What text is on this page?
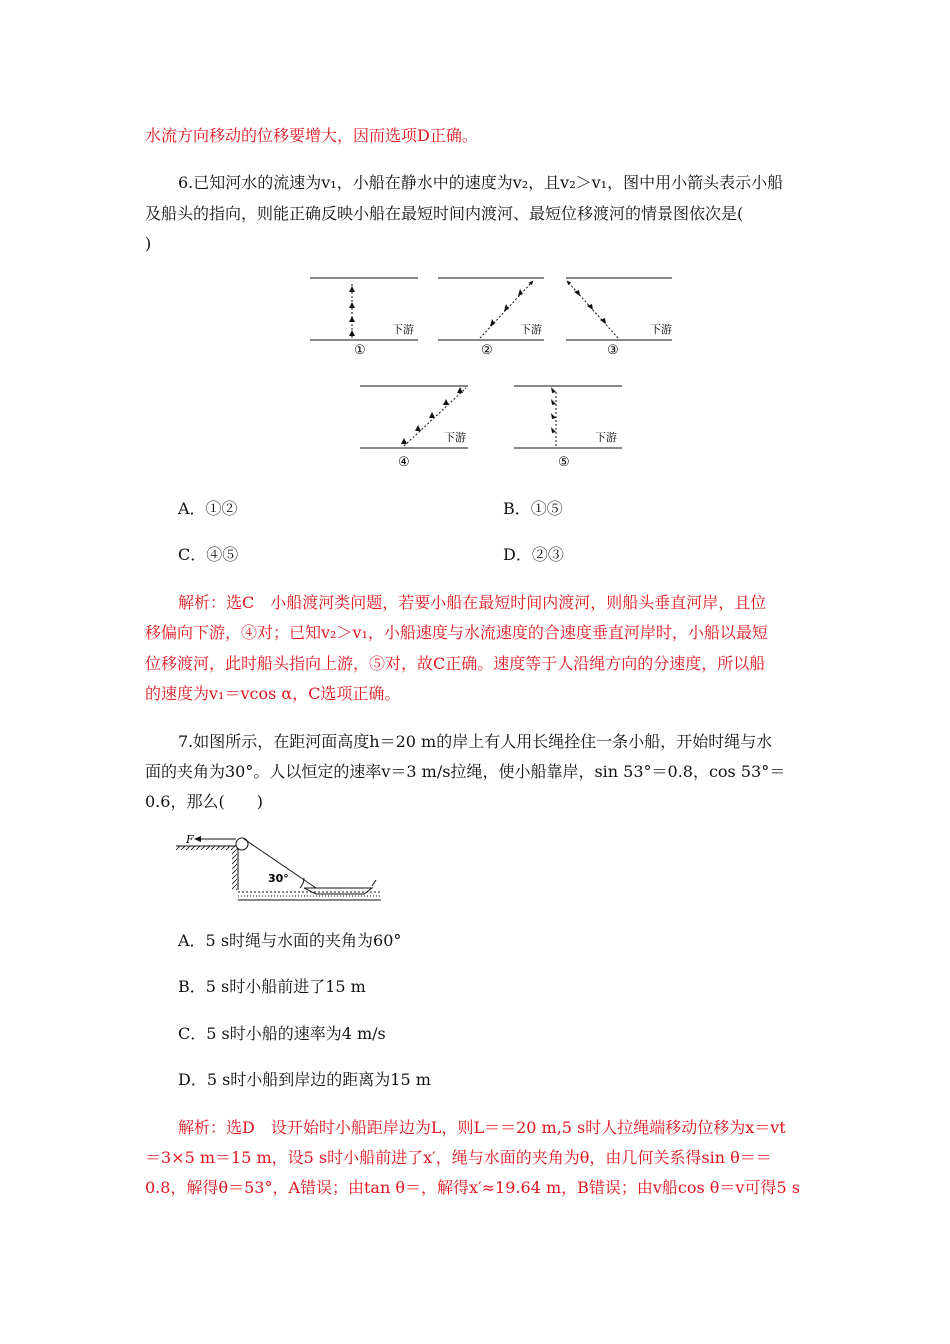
水流方向移动的位移要增大，因而选项D正确。
6.已知河水的流速为v₁，小船在静水中的速度为v₂，且v₂＞v₁，图中用小箭头表示小船
及船头的指向，则能正确反映小船在最短时间内渡河、最短位移渡河的情景图依次是(
)
下游
①
下游
②
下游
③
下游
④
下游
⑤
A．①②	B．①⑤
C．④⑤	D．②③
解析：选C　小船渡河类问题，若要小船在最短时间内渡河，则船头垂直河岸，且位
移偏向下游，④对；已知v₂＞v₁，小船速度与水流速度的合速度垂直河岸时，小船以最短
位移渡河，此时船头指向上游，⑤对，故C正确。速度等于人沿绳方向的分速度，所以船
的速度为v₁＝vcos α，C选项正确。
7.如图所示，在距河面高度h＝20 m的岸上有人用长绳拴住一条小船，开始时绳与水
面的夹角为30°。人以恒定的速率v＝3 m/s拉绳，使小船靠岸，sin 53°＝0.8，cos 53°＝
0.6，那么(　　)
F
30°
A．5 s时绳与水面的夹角为60°
B．5 s时小船前进了15 m
C．5 s时小船的速率为4 m/s
D．5 s时小船到岸边的距离为15 m
解析：选D　设开始时小船距岸边为L，则L＝＝20 m,5 s时人拉绳端移动位移为x＝vt
＝3×5 m＝15 m，设5 s时小船前进了x′，绳与水面的夹角为θ，由几何关系得sin θ＝＝
0.8，解得θ＝53°，A错误；由tan θ＝，解得x′≈19.64 m，B错误；由v船cos θ＝v可得5 s
